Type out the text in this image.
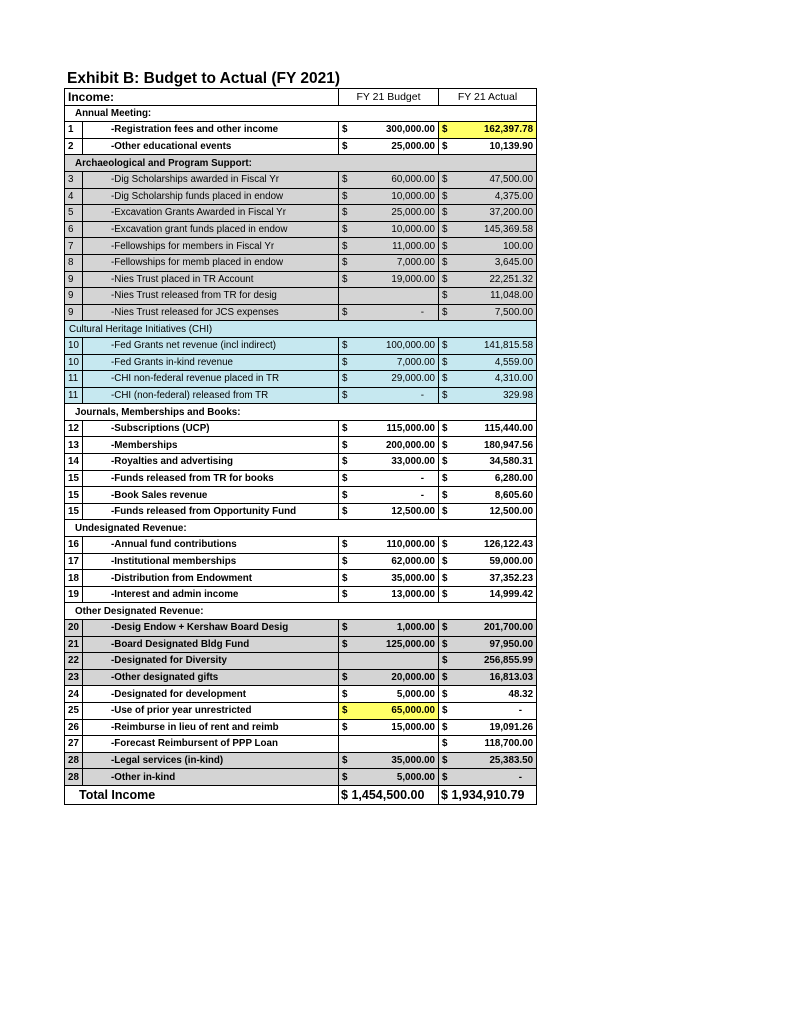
Exhibit B: Budget to Actual (FY 2021)
Income:		FY 21 Budget		FY 21 Actual	
Annual Meeting:					
1	-Registration fees and other income	$	300,000.00	$	162,397.78
2	-Other educational events	$	25,000.00	$	10,139.90
Archaeological and Program Support:					
3	-Dig Scholarships awarded in Fiscal Yr	$	60,000.00	$	47,500.00
4	-Dig Scholarship funds placed in endow	$	10,000.00	$	4,375.00
5	-Excavation Grants Awarded in Fiscal Yr	$	25,000.00	$	37,200.00
6	-Excavation grant funds placed in endow	$	10,000.00	$	145,369.58
7	-Fellowships for members in Fiscal Yr	$	11,000.00	$	100.00
8	-Fellowships for memb placed in endow	$	7,000.00	$	3,645.00
9	-Nies Trust placed in TR Account	$	19,000.00	$	22,251.32
9	-Nies Trust released from TR for desig			$	11,048.00
9	-Nies Trust released for JCS expenses	$	-	$	7,500.00
Cultural Heritage Initiatives (CHI)					
10	-Fed Grants net revenue (incl indirect)	$	100,000.00	$	141,815.58
10	-Fed Grants in-kind revenue	$	7,000.00	$	4,559.00
11	-CHI non-federal revenue placed in TR	$	29,000.00	$	4,310.00
11	-CHI (non-federal) released from TR	$	-	$	329.98
Journals, Memberships and Books:					
12	-Subscriptions (UCP)	$	115,000.00	$	115,440.00
13	-Memberships	$	200,000.00	$	180,947.56
14	-Royalties and advertising	$	33,000.00	$	34,580.31
15	-Funds released from TR for books	$	-	$	6,280.00
15	-Book Sales revenue	$	-	$	8,605.60
15	-Funds released from Opportunity Fund	$	12,500.00	$	12,500.00
Undesignated Revenue:					
16	-Annual fund contributions	$	110,000.00	$	126,122.43
17	-Institutional memberships	$	62,000.00	$	59,000.00
18	-Distribution from Endowment	$	35,000.00	$	37,352.23
19	-Interest and admin income	$	13,000.00	$	14,999.42
Other Designated Revenue:					
20	-Desig Endow + Kershaw Board Desig	$	1,000.00	$	201,700.00
21	-Board Designated Bldg Fund	$	125,000.00	$	97,950.00
22	-Designated for Diversity			$	256,855.99
23	-Other designated gifts	$	20,000.00	$	16,813.03
24	-Designated for development	$	5,000.00	$	48.32
25	-Use of prior year unrestricted	$	65,000.00	$	-
26	-Reimburse in lieu of rent and reimb	$	15,000.00	$	19,091.26
27	-Forecast Reimbursent of PPP Loan			$	118,700.00
28	-Legal services (in-kind)	$	35,000.00	$	25,383.50
28	-Other in-kind	$	5,000.00	$	-
Total Income		$ 1,454,500.00		$ 1,934,910.79	
